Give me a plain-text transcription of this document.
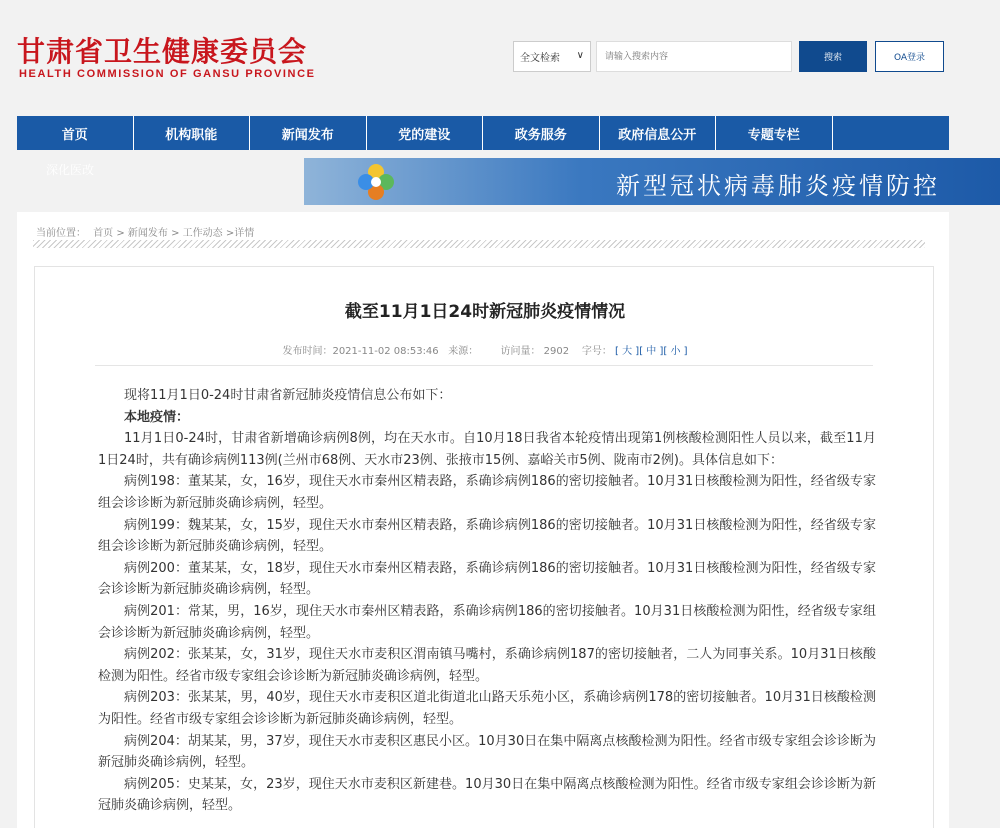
甘肃省卫生健康委员会
HEALTH COMMISSION OF GANSU PROVINCE
全文检索 ∨
请输入搜索内容	搜索	OA登录
首页	机构职能	新闻发布	党的建设	政务服务	政府信息公开	专题专栏
深化医改
新型冠状病毒肺炎疫情防控
当前位置： 首页 > 新闻发布 > 工作动态 >详情
截至11月1日24时新冠肺炎疫情情况
发布时间：2021-11-02 08:53:46 来源： 访问量： 2902 字号： [ 大 ][ 中 ][ 小 ]

现将11月1日0-24时甘肃省新冠肺炎疫情信息公布如下：

本地疫情：

11月1日0-24时，甘肃省新增确诊病例8例，均在天水市。自10月18日我省本轮疫情出现第1例核酸检测阳性人员以来，截至11月1日24时，共有确诊病例113例(兰州市68例、天水市23例、张掖市15例、嘉峪关市5例、陇南市2例)。具体信息如下：

病例198：董某某，女，16岁，现住天水市秦州区精表路，系确诊病例186的密切接触者。10月31日核酸检测为阳性，经省级专家组会诊诊断为新冠肺炎确诊病例，轻型。

病例199：魏某某，女，15岁，现住天水市秦州区精表路，系确诊病例186的密切接触者。10月31日核酸检测为阳性，经省级专家组会诊诊断为新冠肺炎确诊病例，轻型。

病例200：董某某，女，18岁，现住天水市秦州区精表路，系确诊病例186的密切接触者。10月31日核酸检测为阳性，经省级专家会诊诊断为新冠肺炎确诊病例，轻型。

病例201：常某，男，16岁，现住天水市秦州区精表路，系确诊病例186的密切接触者。10月31日核酸检测为阳性，经省级专家组会诊诊断为新冠肺炎确诊病例，轻型。

病例202：张某某，女，31岁，现住天水市麦积区渭南镇马嘴村，系确诊病例187的密切接触者，二人为同事关系。10月31日核酸检测为阳性。经省市级专家组会诊诊断为新冠肺炎确诊病例，轻型。

病例203：张某某，男，40岁，现住天水市麦积区道北街道北山路天乐苑小区，系确诊病例178的密切接触者。10月31日核酸检测为阳性。经省市级专家组会诊诊断为新冠肺炎确诊病例，轻型。

病例204：胡某某，男，37岁，现住天水市麦积区惠民小区。10月30日在集中隔离点核酸检测为阳性。经省市级专家组会诊诊断为新冠肺炎确诊病例，轻型。

病例205：史某某，女，23岁，现住天水市麦积区新建巷。10月30日在集中隔离点核酸检测为阳性。经省市级专家组会诊诊断为新冠肺炎确诊病例，轻型。
